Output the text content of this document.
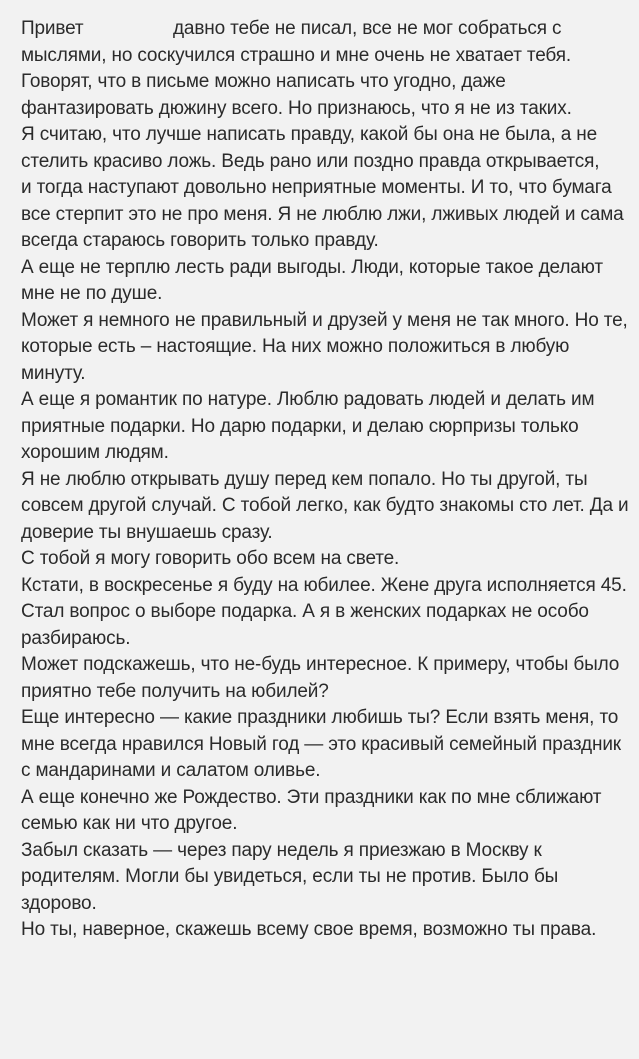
Привет	давно тебе не писал, все не мог собраться с мыслями, но соскучился страшно и мне очень не хватает тебя.

Говорят, что в письме можно написать что угодно, даже фантазировать дюжину всего. Но признаюсь, что я не из таких.

Я считаю, что лучше написать правду, какой бы она не была, а не стелить красиво ложь. Ведь рано или поздно правда открывается,

и тогда наступают довольно неприятные моменты. И то, что бумага все стерпит это не про меня. Я не люблю лжи, лживых людей и сама всегда стараюсь говорить только правду.

А еще не терплю лесть ради выгоды. Люди, которые такое делают мне не по душе.

Может я немного не правильный и друзей у меня не так много. Но те, которые есть – настоящие. На них можно положиться в любую минуту.

А еще я романтик по натуре. Люблю радовать людей и делать им приятные подарки. Но дарю подарки, и делаю сюрпризы только хорошим людям.

Я не люблю открывать душу перед кем попало. Но ты другой, ты совсем другой случай. С тобой легко, как будто знакомы сто лет. Да и доверие ты внушаешь сразу.

С тобой я могу говорить обо всем на свете.

Кстати, в воскресенье я буду на юбилее. Жене друга исполняется 45. Стал вопрос о выборе подарка. А я в женских подарках не особо разбираюсь.

Может подскажешь, что не-будь интересное. К примеру, чтобы было приятно тебе получить на юбилей?

Еще интересно — какие праздники любишь ты? Если взять меня, то мне всегда нравился Новый год — это красивый семейный праздник с мандаринами и салатом оливье.

А еще конечно же Рождество. Эти праздники как по мне сближают семью как ни что другое.

Забыл сказать — через пару недель я приезжаю в Москву к родителям. Могли бы увидеться, если ты не против. Было бы здорово.

Но ты, наверное, скажешь всему свое время, возможно ты права.
